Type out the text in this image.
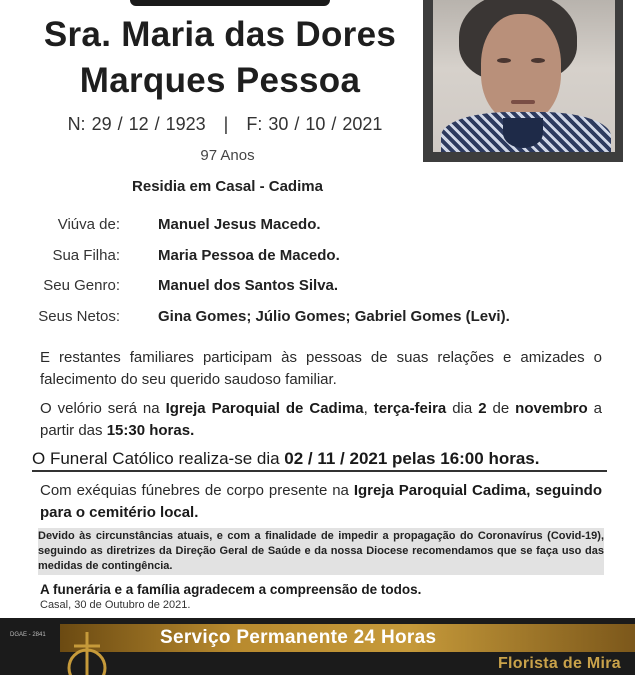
Sra. Maria das Dores
Marques Pessoa
N: 29 / 12 / 1923 | F: 30 / 10 / 2021
97 Anos
Residia em Casal - Cadima
Viúva de:	Manuel Jesus Macedo.
Sua Filha:	Maria Pessoa de Macedo.
Seu Genro:	Manuel dos Santos Silva.
Seus Netos:	Gina Gomes; Júlio Gomes; Gabriel Gomes (Levi).
E restantes familiares participam às pessoas de suas relações e amizades o falecimento do seu querido saudoso familiar.
O velório será na Igreja Paroquial de Cadima, terça-feira dia 2 de novembro a partir das 15:30 horas.
O Funeral Católico realiza-se dia 02 / 11 / 2021 pelas 16:00 horas.
Com exéquias fúnebres de corpo presente na Igreja Paroquial Cadima, seguindo para o cemitério local.
Devido às circunstâncias atuais, e com a finalidade de impedir a propagação do Coronavírus (Covid-19), seguindo as diretrizes da Direção Geral de Saúde e da nossa Diocese recomendamos que se faça uso das medidas de contingência.
A funerária e a família agradecem a compreensão de todos.
Casal, 30 de Outubro de 2021.
DGAE - 2841	Serviço Permanente 24 Horas
Florista de Mira
